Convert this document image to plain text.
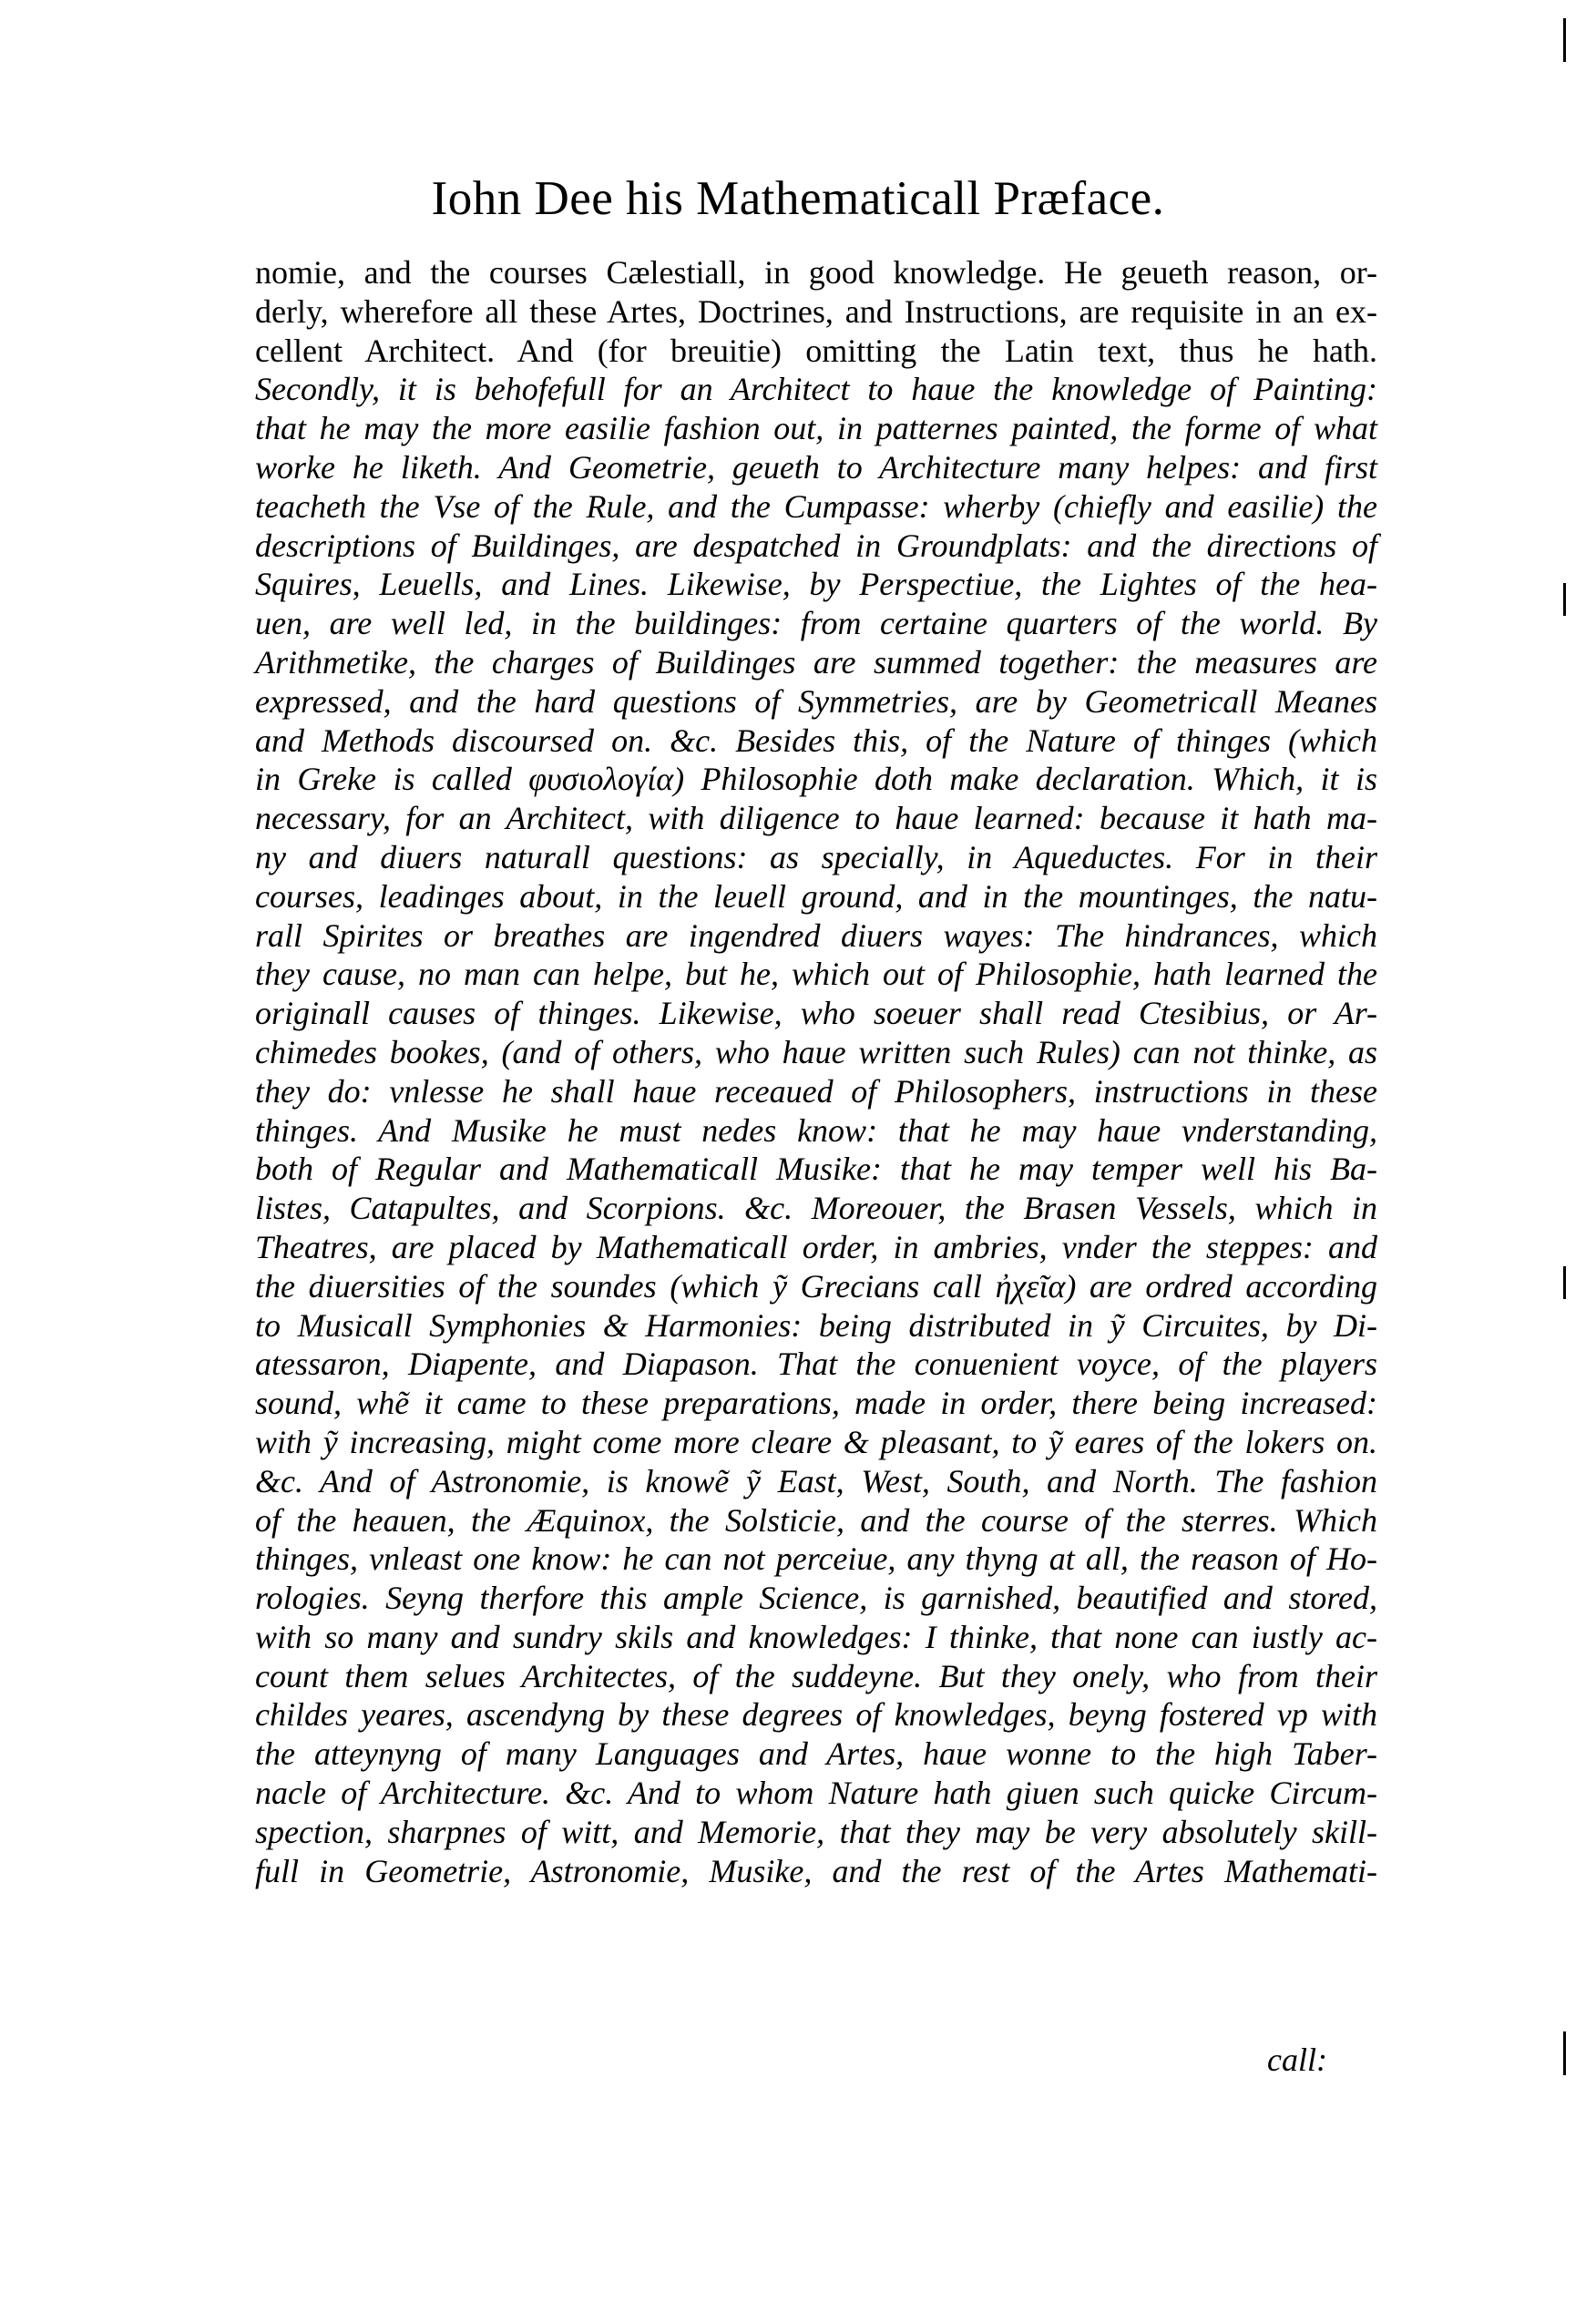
Iohn Dee his Mathematicall Præface.
nomie, and the courses Cælestiall, in good knowledge. He geueth reason, or-
derly, wherefore all these Artes, Doctrines, and Instructions, are requisite in an ex-
cellent Architect. And (for breuitie) omitting the Latin text, thus he hath.
Secondly, it is behofefull for an Architect to haue the knowledge of Painting:
that he may the more easilie fashion out, in patternes painted, the forme of what
worke he liketh. And Geometrie, geueth to Architecture many helpes: and first
teacheth the Vse of the Rule, and the Cumpasse: wherby (chiefly and easilie) the
descriptions of Buildinges, are despatched in Groundplats: and the directions of
Squires, Leuells, and Lines. Likewise, by Perspectiue, the Lightes of the hea-
uen, are well led, in the buildinges: from certaine quarters of the world. By
Arithmetike, the charges of Buildinges are summed together: the measures are
expressed, and the hard questions of Symmetries, are by Geometricall Meanes
and Methods discoursed on. &c. Besides this, of the Nature of thinges (which
in Greke is called φυσιολογία) Philosophie doth make declaration. Which, it is
necessary, for an Architect, with diligence to haue learned: because it hath ma-
ny and diuers naturall questions: as specially, in Aqueductes. For in their
courses, leadinges about, in the leuell ground, and in the mountinges, the natu-
rall Spirites or breathes are ingendred diuers wayes: The hindrances, which
they cause, no man can helpe, but he, which out of Philosophie, hath learned the
originall causes of thinges. Likewise, who soeuer shall read Ctesibius, or Ar-
chimedes bookes, (and of others, who haue written such Rules) can not thinke, as
they do: vnlesse he shall haue receaued of Philosophers, instructions in these
thinges. And Musike he must nedes know: that he may haue vnderstanding,
both of Regular and Mathematicall Musike: that he may temper well his Ba-
listes, Catapultes, and Scorpions. &c. Moreouer, the Brasen Vessels, which in
Theatres, are placed by Mathematicall order, in ambries, vnder the steppes: and
the diuersities of the soundes (which ỹ Grecians call ἠχεῖα) are ordred according
to Musicall Symphonies & Harmonies: being distributed in ỹ Circuites, by Di-
atessaron, Diapente, and Diapason. That the conuenient voyce, of the players
sound, whẽ it came to these preparations, made in order, there being increased:
with ỹ increasing, might come more cleare & pleasant, to ỹ eares of the lokers on.
&c. And of Astronomie, is knowẽ ỹ East, West, South, and North. The fashion
of the heauen, the Æquinox, the Solsticie, and the course of the sterres. Which
thinges, vnleast one know: he can not perceiue, any thyng at all, the reason of Ho-
rologies. Seyng therfore this ample Science, is garnished, beautified and stored,
with so many and sundry skils and knowledges: I thinke, that none can iustly ac-
count them selues Architectes, of the suddeyne. But they onely, who from their
childes yeares, ascendyng by these degrees of knowledges, beyng fostered vp with
the atteynyng of many Languages and Artes, haue wonne to the high Taber-
nacle of Architecture. &c. And to whom Nature hath giuen such quicke Circum-
spection, sharpnes of witt, and Memorie, that they may be very absolutely skill-
full in Geometrie, Astronomie, Musike, and the rest of the Artes Mathemati-
call:
